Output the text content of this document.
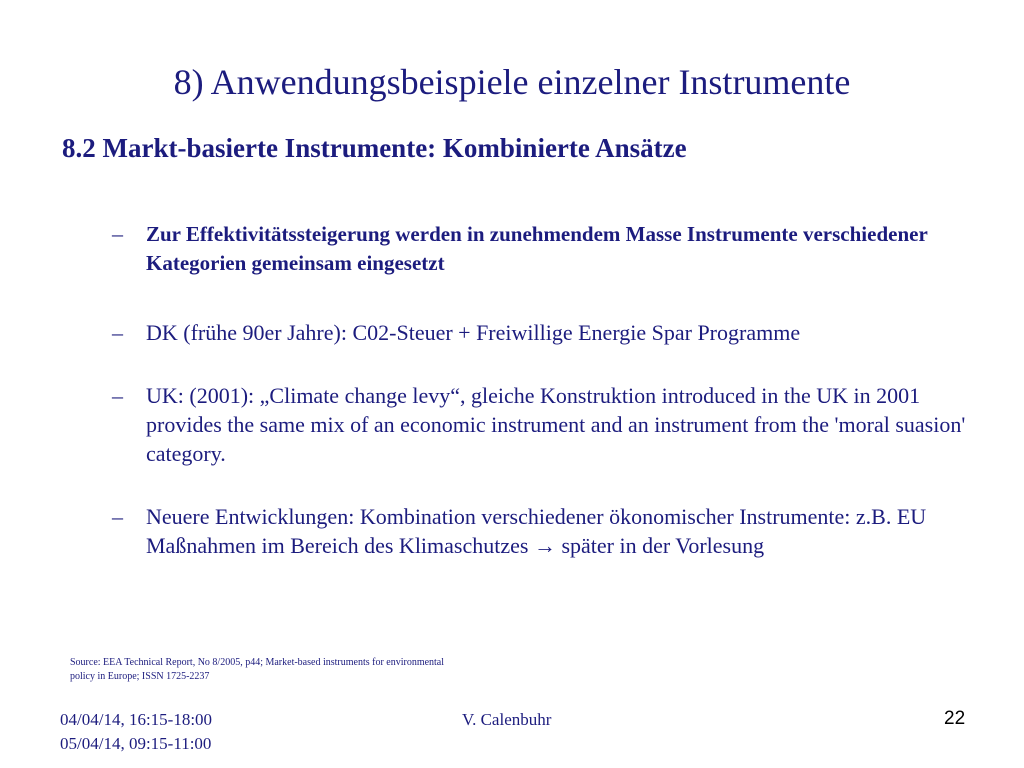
8) Anwendungsbeispiele einzelner Instrumente
8.2 Markt-basierte Instrumente: Kombinierte Ansätze
– Zur Effektivitätssteigerung werden in zunehmendem Masse Instrumente verschiedener Kategorien gemeinsam eingesetzt
– DK (frühe 90er Jahre): C02-Steuer + Freiwillige Energie Spar Programme
– UK: (2001): „Climate change levy“, gleiche Konstruktion introduced in the UK in 2001 provides the same mix of an economic instrument and an instrument from the 'moral suasion' category.
– Neuere Entwicklungen: Kombination verschiedener ökonomischer Instrumente: z.B. EU Maßnahmen im Bereich des Klimaschutzes → später in der Vorlesung
Source: EEA Technical Report, No 8/2005, p44; Market-based instruments for environmental policy in Europe; ISSN 1725-2237
04/04/14, 16:15-18:00
05/04/14, 09:15-11:00
V. Calenbuhr	22
